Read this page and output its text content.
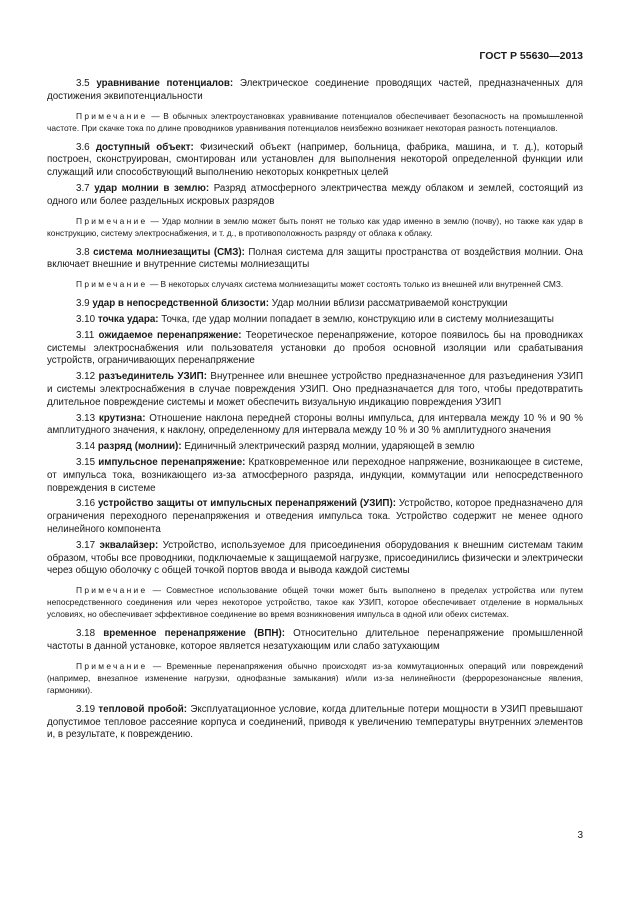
ГОСТ Р 55630—2013

3.5 уравнивание потенциалов: Электрическое соединение проводящих частей, предназначенных для достижения эквипотенциальности

Примечание — В обычных электроустановках уравнивание потенциалов обеспечивает безопасность на промышленной частоте. При скачке тока по длине проводников уравнивания потенциалов неизбежно возникает некоторая разность потенциалов.

3.6 доступный объект: Физический объект (например, больница, фабрика, машина, и т. д.), который построен, сконструирован, смонтирован или установлен для выполнения некоторой определенной функции или служащий или способствующий выполнению некоторых конкретных целей

3.7 удар молнии в землю: Разряд атмосферного электричества между облаком и землей, состоящий из одного или более раздельных искровых разрядов

Примечание — Удар молнии в землю может быть понят не только как удар именно в землю (почву), но также как удар в конструкцию, систему электроснабжения, и т. д., в противоположность разряду от облака к облаку.

3.8 система молниезащиты (СМЗ): Полная система для защиты пространства от воздействия молнии. Она включает внешние и внутренние системы молниезащиты

Примечание — В некоторых случаях система молниезащиты может состоять только из внешней или внутренней СМЗ.

3.9 удар в непосредственной близости: Удар молнии вблизи рассматриваемой конструкции

3.10 точка удара: Точка, где удар молнии попадает в землю, конструкцию или в систему молниезащиты

3.11 ожидаемое перенапряжение: Теоретическое перенапряжение, которое появилось бы на проводниках системы электроснабжения или пользователя установки до пробоя основной изоляции или срабатывания устройств, ограничивающих перенапряжение

3.12 разъединитель УЗИП: Внутреннее или внешнее устройство предназначенное для разъединения УЗИП и системы электроснабжения в случае повреждения УЗИП. Оно предназначается для того, чтобы предотвратить длительное повреждение системы и может обеспечить визуальную индикацию повреждения УЗИП

3.13 крутизна: Отношение наклона передней стороны волны импульса, для интервала между 10 % и 90 % амплитудного значения, к наклону, определенному для интервала между 10 % и 30 % амплитудного значения

3.14 разряд (молнии): Единичный электрический разряд молнии, ударяющей в землю

3.15 импульсное перенапряжение: Кратковременное или переходное напряжение, возникающее в системе, от импульса тока, возникающего из-за атмосферного разряда, индукции, коммутации или непосредственного повреждения в системе

3.16 устройство защиты от импульсных перенапряжений (УЗИП): Устройство, которое предназначено для ограничения переходного перенапряжения и отведения импульса тока. Устройство содержит не менее одного нелинейного компонента

3.17 эквалайзер: Устройство, используемое для присоединения оборудования к внешним системам таким образом, чтобы все проводники, подключаемые к защищаемой нагрузке, присоединились физически и электрически через общую оболочку с общей точкой портов ввода и вывода каждой системы

Примечание — Совместное использование общей точки может быть выполнено в пределах устройства или путем непосредственного соединения или через некоторое устройство, такое как УЗИП, которое обеспечивает отделение в нормальных условиях, но обеспечивает эффективное соединение во время возникновения импульса в одной или обеих системах.

3.18 временное перенапряжение (ВПН): Относительно длительное перенапряжение промышленной частоты в данной установке, которое является незатухающим или слабо затухающим

Примечание — Временные перенапряжения обычно происходят из-за коммутационных операций или повреждений (например, внезапное изменение нагрузки, однофазные замыкания) и/или из-за нелинейности (феррорезонансные явления, гармоники).

3.19 тепловой пробой: Эксплуатационное условие, когда длительные потери мощности в УЗИП превышают допустимое тепловое рассеяние корпуса и соединений, приводя к увеличению температуры внутренних элементов и, в результате, к повреждению.

3
